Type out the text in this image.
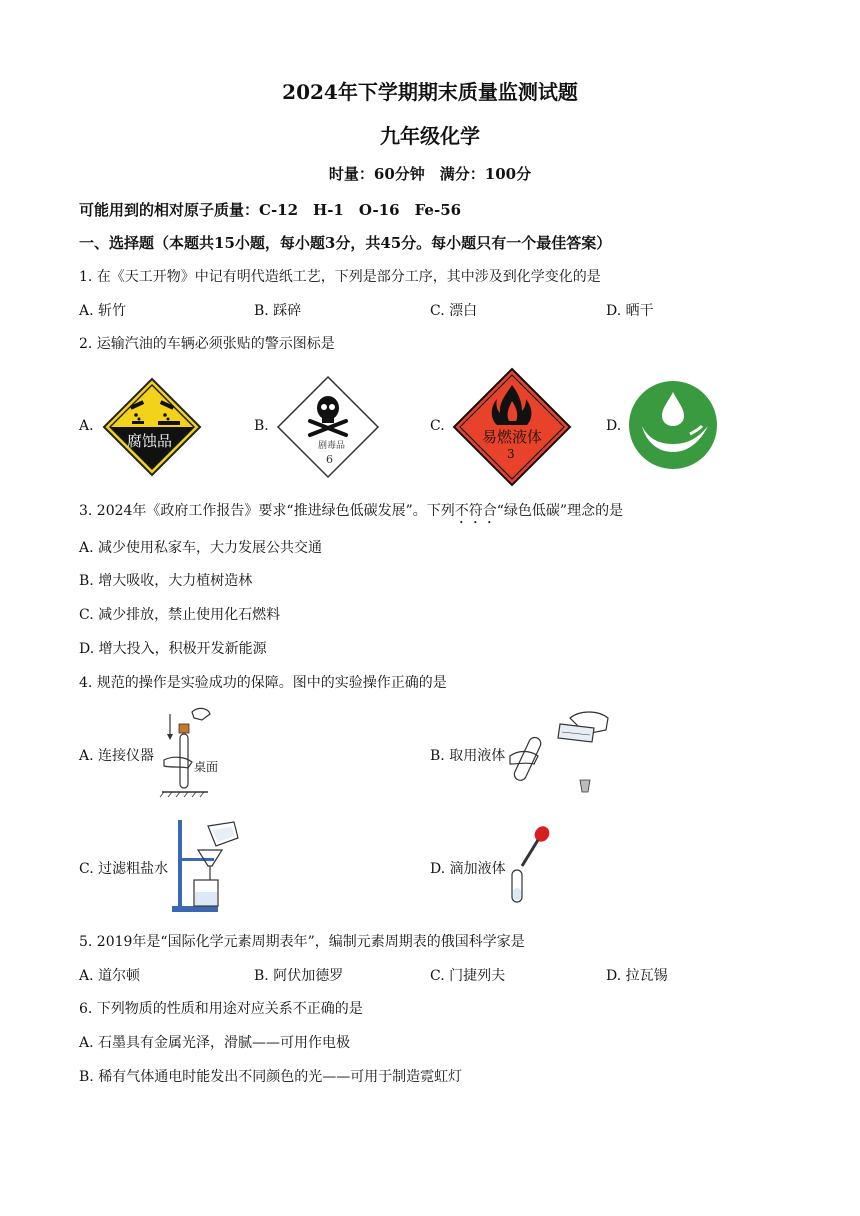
2024年下学期期末质量监测试题
九年级化学
时量：60分钟　满分：100分
可能用到的相对原子质量：C-12　H-1　O-16　Fe-56
一、选择题（本题共15小题，每小题3分，共45分。每小题只有一个最佳答案）
1. 在《天工开物》中记有明代造纸工艺，下列是部分工序，其中涉及到化学变化的是
A. 斩竹	B. 踩碎	C. 漂白	D. 晒干
2. 运输汽油的车辆必须张贴的警示图标是
A.	B.	C.	D.
腐蚀品	剧毒品
6
易燃液体
3
3. 2024年《政府工作报告》要求“推进绿色低碳发展”。下列不符合“绿色低碳”理念的是
A. 减少使用私家车，大力发展公共交通
B. 增大吸收，大力植树造林
C. 减少排放，禁止使用化石燃料
D. 增大投入，积极开发新能源
4. 规范的操作是实验成功的保障。图中的实验操作正确的是
A. 连接仪器
桌面
B. 取用液体
C. 过滤粗盐水	D. 滴加液体
5. 2019年是“国际化学元素周期表年”，编制元素周期表的俄国科学家是
A. 道尔顿	B. 阿伏加德罗	C. 门捷列夫	D. 拉瓦锡
6. 下列物质的性质和用途对应关系不正确的是
A. 石墨具有金属光泽，滑腻——可用作电极
B. 稀有气体通电时能发出不同颜色的光——可用于制造霓虹灯
